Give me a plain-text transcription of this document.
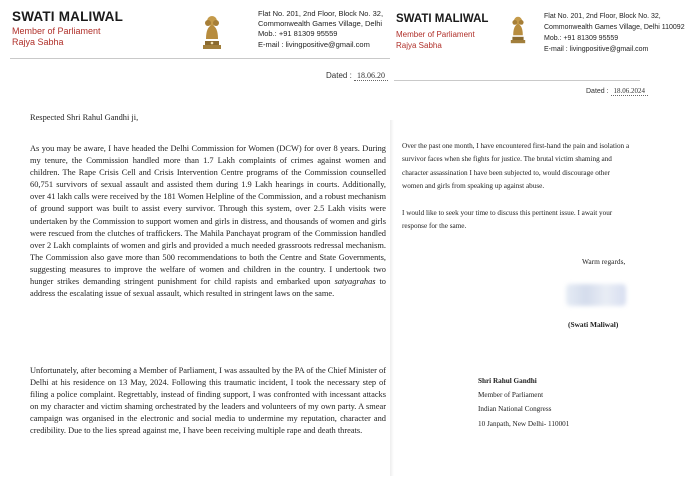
SWATI MALIWAL
Member of Parliament
Rajya Sabha
Flat No. 201, 2nd Floor, Block No. 32,
Commonwealth Games Village, Delhi
Mob.: +91 81309 95559
E-mail : livingpositive@gmail.com
Dated : 18.06.20
Respected Shri Rahul Gandhi ji,

As you may be aware, I have headed the Delhi Commission for Women (DCW) for over 8 years. During my tenure, the Commission handled more than 1.7 Lakh complaints of crimes against women and children. The Rape Crisis Cell and Crisis Intervention Centre programs of the Commission counselled 60,751 survivors of sexual assault and assisted them during 1.9 Lakh hearings in courts. Additionally, over 41 lakh calls were received by the 181 Women Helpline of the Commission, and a robust mechanism of ground support was built to assist every survivor. Through this system, over 2.5 Lakh visits were undertaken by the Commission to support women and girls in distress, and thousands of women and girls were rescued from the clutches of traffickers. The Mahila Panchayat program of the Commission handled over 2 Lakh complaints of women and girls and provided a much needed grassroots redressal mechanism. The Commission also gave more than 500 recommendations to both the Centre and State Governments, suggesting measures to improve the welfare of women and children in the country. I undertook two hunger strikes demanding stringent punishment for child rapists and embarked upon satyagrahas to address the escalating issue of sexual assault, which resulted in stringent laws on the same.

Unfortunately, after becoming a Member of Parliament, I was assaulted by the PA of the Chief Minister of Delhi at his residence on 13 May, 2024. Following this traumatic incident, I took the necessary step of filing a police complaint. Regrettably, instead of finding support, I was confronted with incessant attacks on my character and victim shaming orchestrated by the leaders and volunteers of my own party. A smear campaign was organised in the electronic and social media to undermine my reputation, character and credibility. Due to the lies spread against me, I have been receiving multiple rape and death threats.

SWATI MALIWAL
Member of Parliament
Rajya Sabha
Flat No. 201, 2nd Floor, Block No. 32,
Commonwealth Games Village, Delhi 110092
Mob.: +91 81309 95559
E-mail : livingpositive@gmail.com
Dated : 18.06.2024

Over the past one month, I have encountered first-hand the pain and isolation a survivor faces when she fights for justice. The brutal victim shaming and character assassination I have been subjected to, would discourage other women and girls from speaking up against abuse.

I would like to seek your time to discuss this pertinent issue. I await your response for the same.

Warm regards,
(Swati Maliwal)
Shri Rahul Gandhi
Member of Parliament
Indian National Congress
10 Janpath, New Delhi- 110001
